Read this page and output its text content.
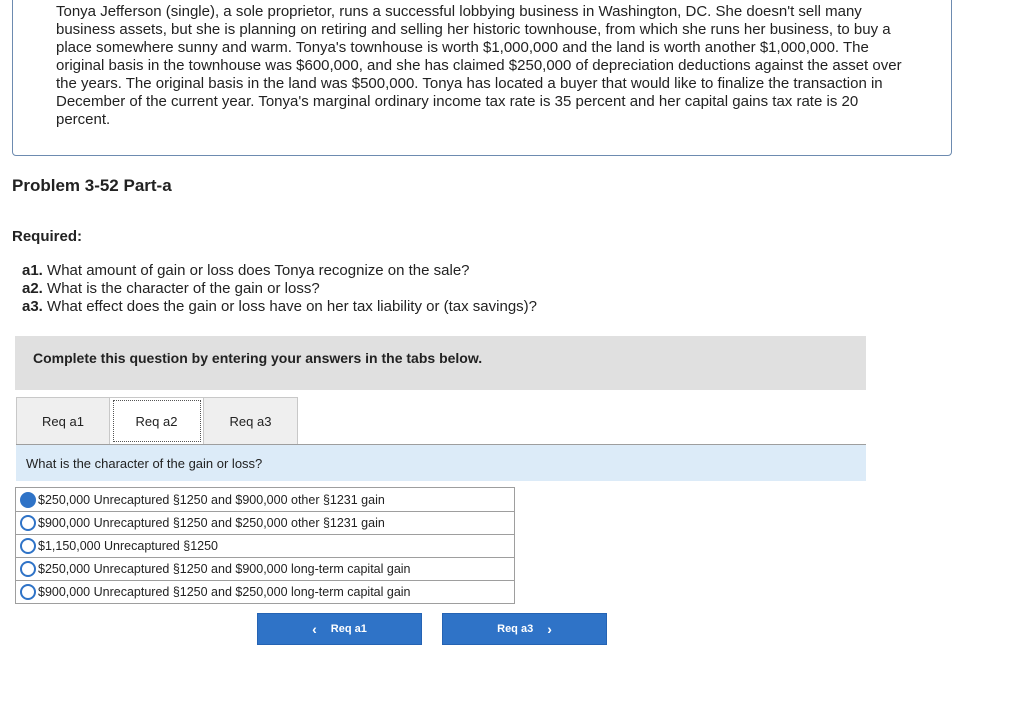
Tonya Jefferson (single), a sole proprietor, runs a successful lobbying business in Washington, DC. She doesn't sell many business assets, but she is planning on retiring and selling her historic townhouse, from which she runs her business, to buy a place somewhere sunny and warm. Tonya's townhouse is worth $1,000,000 and the land is worth another $1,000,000. The original basis in the townhouse was $600,000, and she has claimed $250,000 of depreciation deductions against the asset over the years. The original basis in the land was $500,000. Tonya has located a buyer that would like to finalize the transaction in December of the current year. Tonya's marginal ordinary income tax rate is 35 percent and her capital gains tax rate is 20 percent.

Problem 3-52 Part-a
Required:
a1. What amount of gain or loss does Tonya recognize on the sale?
a2. What is the character of the gain or loss?
a3. What effect does the gain or loss have on her tax liability or (tax savings)?
Complete this question by entering your answers in the tabs below.
Req a1	Req a2	Req a3
What is the character of the gain or loss?
$250,000 Unrecaptured §1250 and $900,000 other §1231 gain
$900,000 Unrecaptured §1250 and $250,000 other §1231 gain
$1,150,000 Unrecaptured §1250
$250,000 Unrecaptured §1250 and $900,000 long-term capital gain
$900,000 Unrecaptured §1250 and $250,000 long-term capital gain
‹ Req a1	Req a3 ›
